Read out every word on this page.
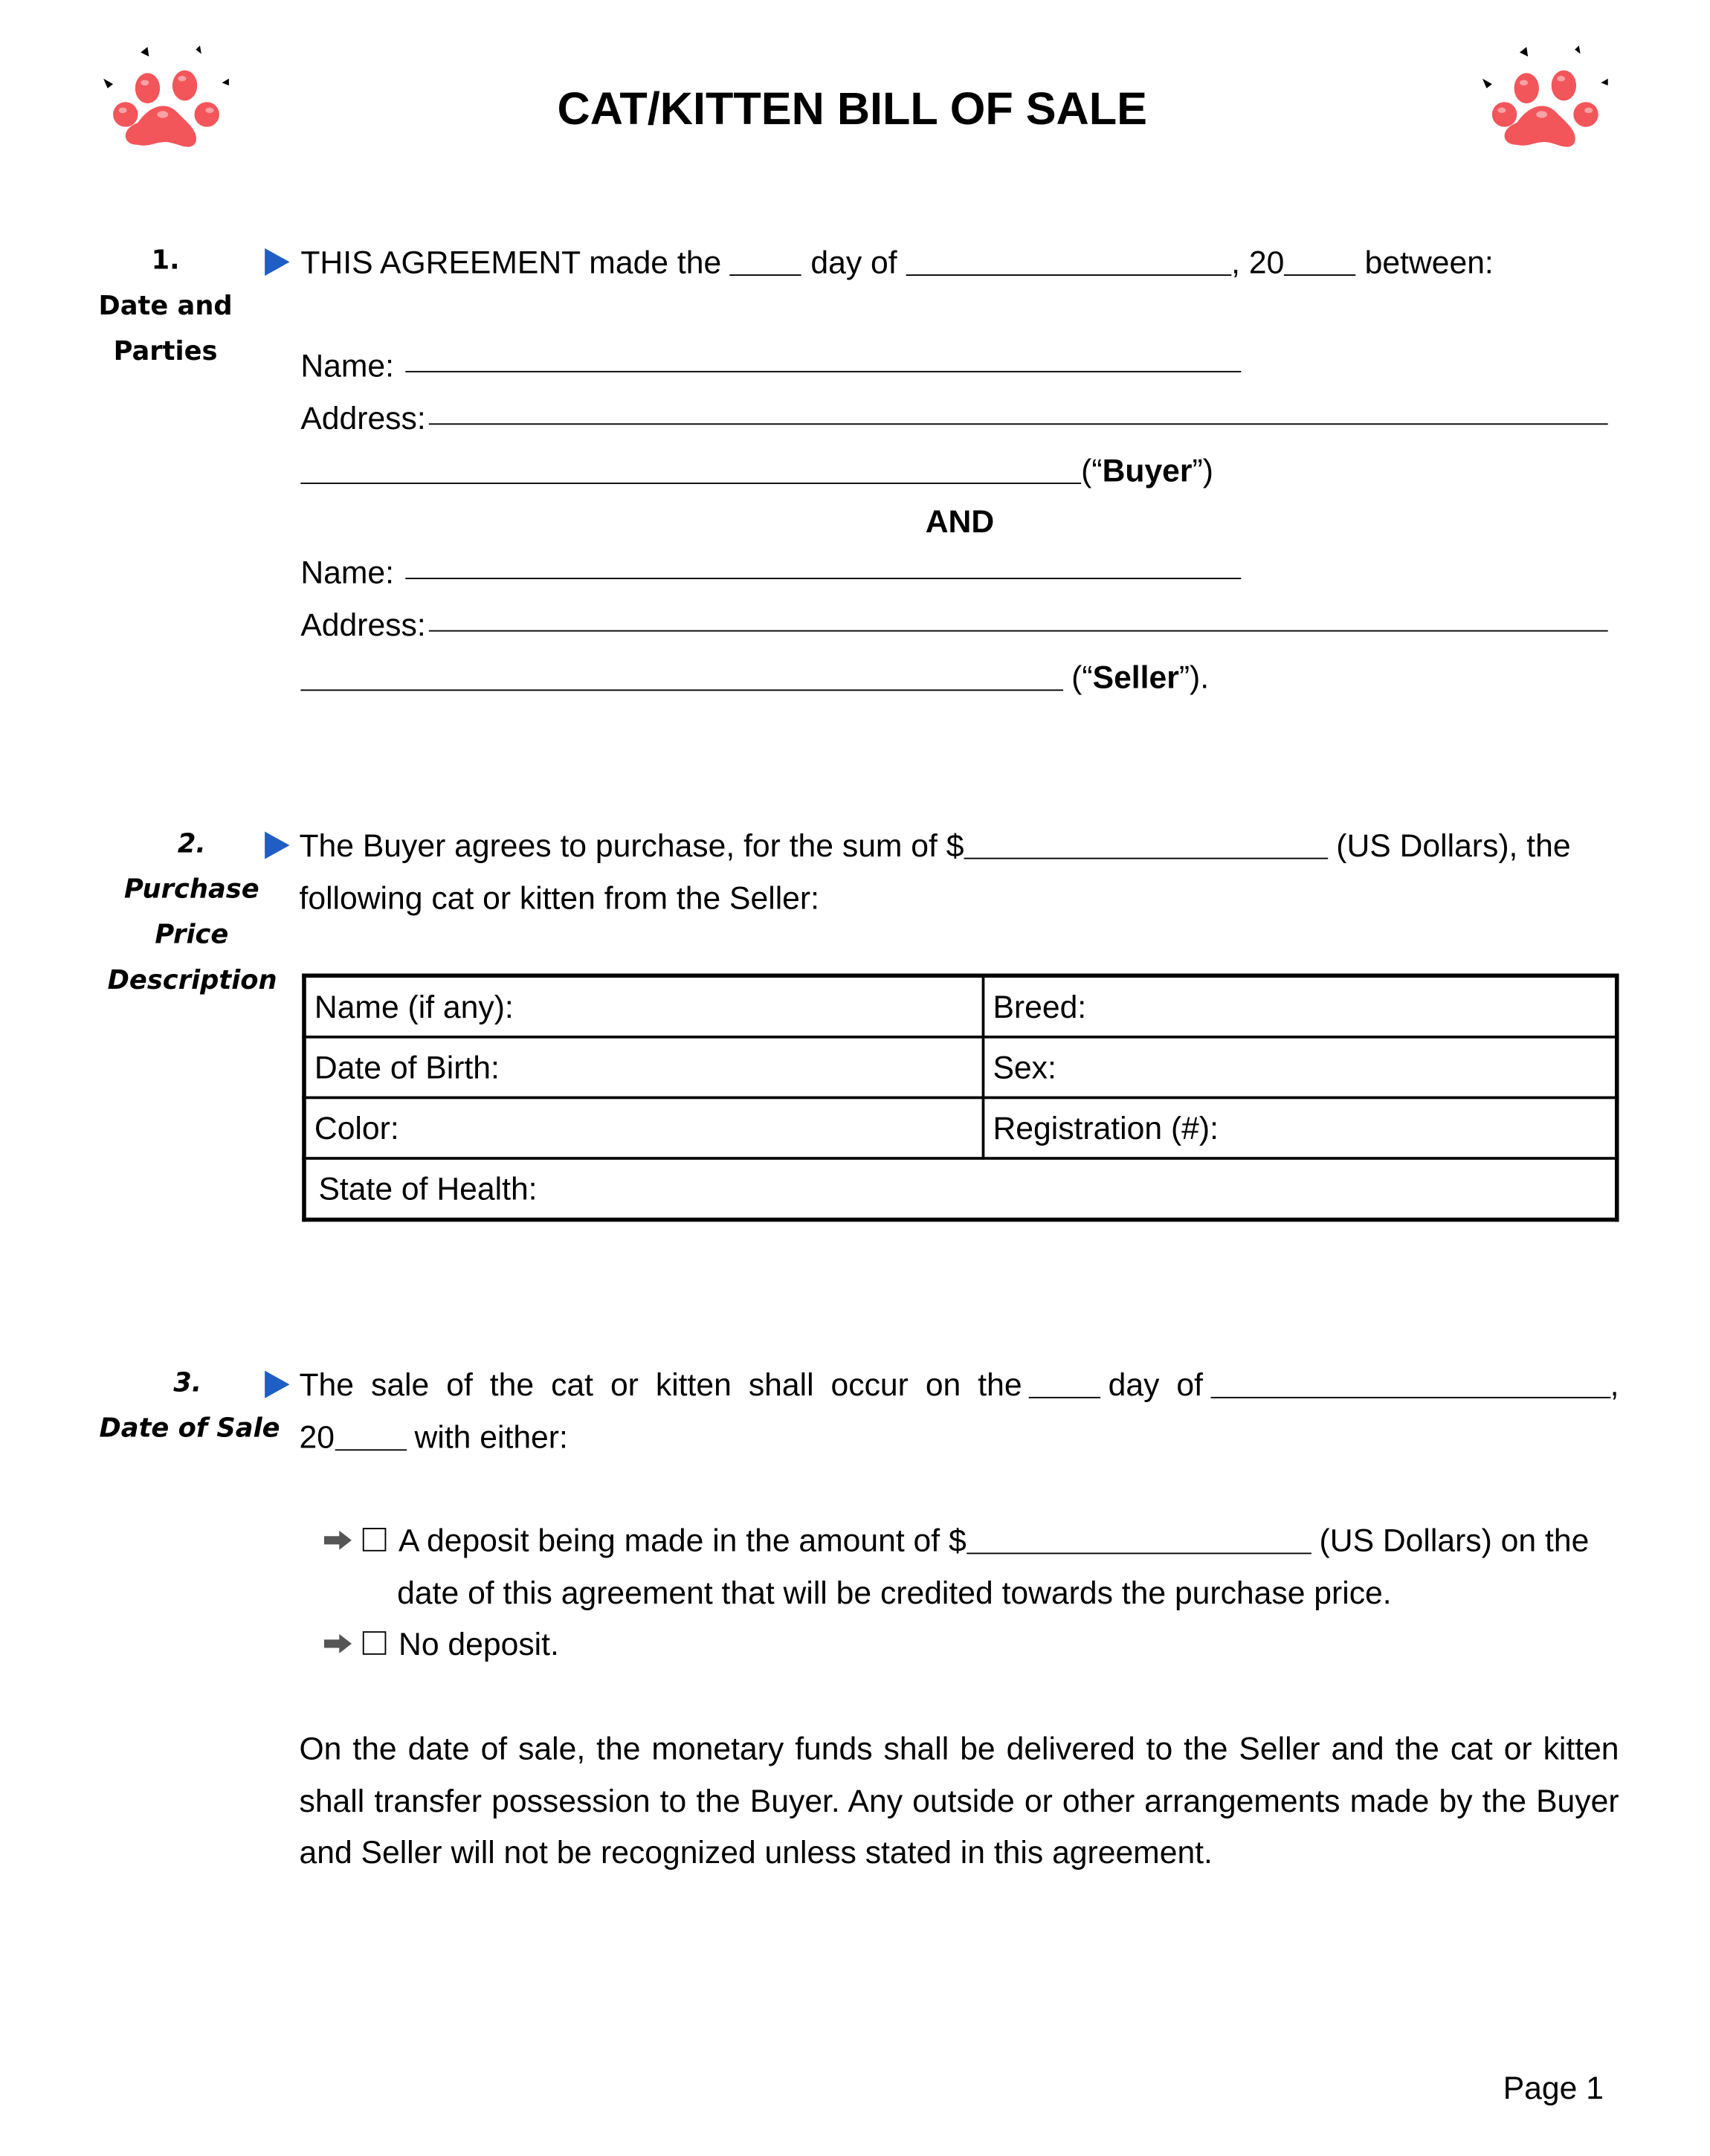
CAT/KITTEN BILL OF SALE
1.
Date and
Parties
THIS AGREEMENT made the	day of	, 20	between:
Name:
Address:
(“ Buyer ”)
AND
Name:
Address:
(“ Seller ”).
2.
Purchase
Price
Description
The Buyer agrees to purchase, for the sum of $	(US Dollars), the
following cat or kitten from the Seller:
Name (if any):	Breed:
Date of Birth:	Sex:
Color:	Registration (#):
State of Health:	
3.
Date of Sale
The sale of the cat or kitten shall occur on the	day of	,
20	with either:
A deposit being made in the amount of $	(US Dollars) on the
date of this agreement that will be credited towards the purchase price.
No deposit.
On the date of sale, the monetary funds shall be delivered to the Seller and the cat or kitten shall transfer possession to the Buyer. Any outside or other arrangements made by the Buyer and Seller will not be recognized unless stated in this agreement.
Page 1
